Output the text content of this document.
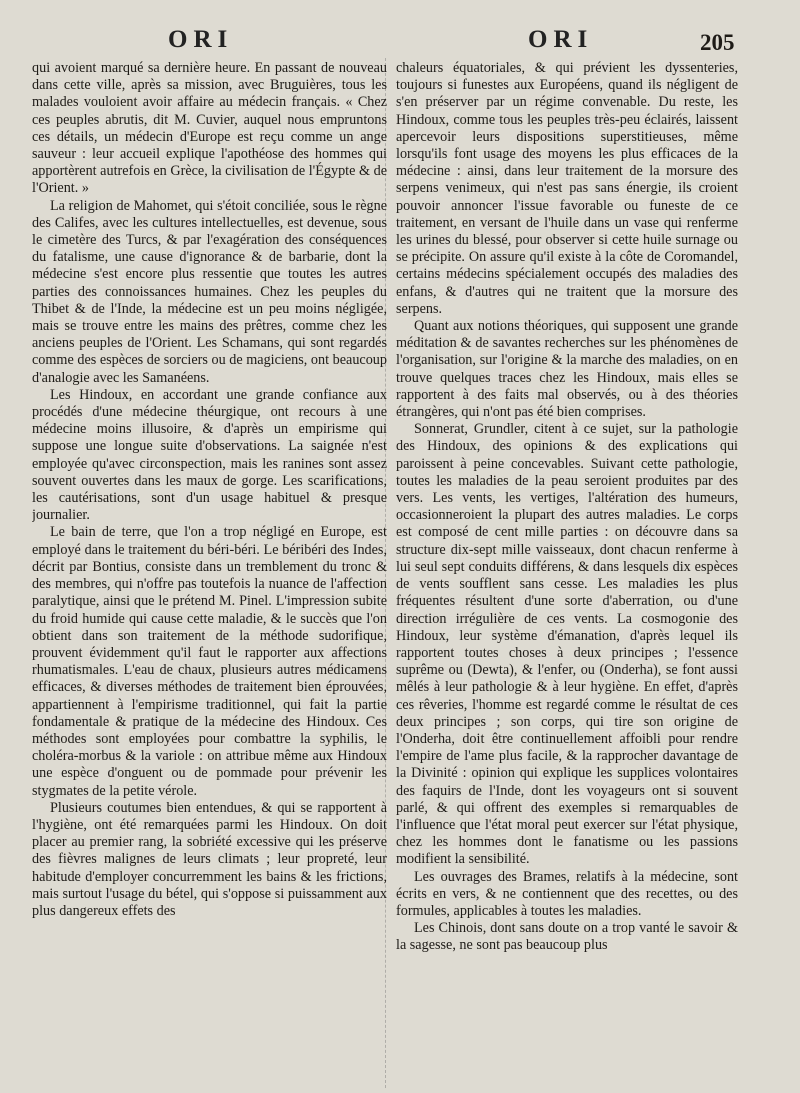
ORI	ORI	205

qui avoient marqué sa dernière heure. En passant de nouveau dans cette ville, après sa mission, avec Bruguières, tous les malades vouloient avoir affaire au médecin français. « Chez ces peuples abrutis, dit M. Cuvier, auquel nous empruntons ces détails, un médecin d'Europe est reçu comme un ange sauveur : leur accueil explique l'apothéose des hommes qui apportèrent autrefois en Grèce, la civilisation de l'Égypte & de l'Orient. »

La religion de Mahomet, qui s'étoit conciliée, sous le règne des Califes, avec les cultures intellectuelles, est devenue, sous le cimetère des Turcs, & par l'exagération des conséquences du fatalisme, une cause d'ignorance & de barbarie, dont la médecine s'est encore plus ressentie que toutes les autres parties des connoissances humaines. Chez les peuples du Thibet & de l'Inde, la médecine est un peu moins négligée, mais se trouve entre les mains des prêtres, comme chez les anciens peuples de l'Orient. Les Schamans, qui sont regardés comme des espèces de sorciers ou de magiciens, ont beaucoup d'analogie avec les Samanéens.

Les Hindoux, en accordant une grande confiance aux procédés d'une médecine théurgique, ont recours à une médecine moins illusoire, & d'après un empirisme qui suppose une longue suite d'observations. La saignée n'est employée qu'avec circonspection, mais les ranines sont assez souvent ouvertes dans les maux de gorge. Les scarifications, les cautérisations, sont d'un usage habituel & presque journalier.

Le bain de terre, que l'on a trop négligé en Europe, est employé dans le traitement du béri-béri. Le béribéri des Indes, décrit par Bontius, consiste dans un tremblement du tronc & des membres, qui n'offre pas toutefois la nuance de l'affection paralytique, ainsi que le prétend M. Pinel. L'impression subite du froid humide qui cause cette maladie, & le succès que l'on obtient dans son traitement de la méthode sudorifique, prouvent évidemment qu'il faut le rapporter aux affections rhumatismales. L'eau de chaux, plusieurs autres médicamens efficaces, & diverses méthodes de traitement bien éprouvées, appartiennent à l'empirisme traditionnel, qui fait la partie fondamentale & pratique de la médecine des Hindoux. Ces méthodes sont employées pour combattre la syphilis, le choléra-morbus & la variole : on attribue même aux Hindoux une espèce d'onguent ou de pommade pour prévenir les stygmates de la petite vérole.

Plusieurs coutumes bien entendues, & qui se rapportent à l'hygiène, ont été remarquées parmi les Hindoux. On doit placer au premier rang, la sobriété excessive qui les préserve des fièvres malignes de leurs climats ; leur propreté, leur habitude d'employer concurremment les bains & les frictions, mais surtout l'usage du bétel, qui s'oppose si puissamment aux plus dangereux effets des

chaleurs équatoriales, & qui prévient les dyssenteries, toujours si funestes aux Européens, quand ils négligent de s'en préserver par un régime convenable. Du reste, les Hindoux, comme tous les peuples très-peu éclairés, laissent apercevoir leurs dispositions superstitieuses, même lorsqu'ils font usage des moyens les plus efficaces de la médecine : ainsi, dans leur traitement de la morsure des serpens venimeux, qui n'est pas sans énergie, ils croient pouvoir annoncer l'issue favorable ou funeste de ce traitement, en versant de l'huile dans un vase qui renferme les urines du blessé, pour observer si cette huile surnage ou se précipite. On assure qu'il existe à la côte de Coromandel, certains médecins spécialement occupés des maladies des enfans, & d'autres qui ne traitent que la morsure des serpens.

Quant aux notions théoriques, qui supposent une grande méditation & de savantes recherches sur les phénomènes de l'organisation, sur l'origine & la marche des maladies, on en trouve quelques traces chez les Hindoux, mais elles se rapportent à des faits mal observés, ou à des théories étrangères, qui n'ont pas été bien comprises.

Sonnerat, Grundler, citent à ce sujet, sur la pathologie des Hindoux, des opinions & des explications qui paroissent à peine concevables. Suivant cette pathologie, toutes les maladies de la peau seroient produites par des vers. Les vents, les vertiges, l'altération des humeurs, occasionneroient la plupart des autres maladies. Le corps est composé de cent mille parties : on découvre dans sa structure dix-sept mille vaisseaux, dont chacun renferme à lui seul sept conduits différens, & dans lesquels dix espèces de vents soufflent sans cesse. Les maladies les plus fréquentes résultent d'une sorte d'aberration, ou d'une direction irrégulière de ces vents. La cosmogonie des Hindoux, leur système d'émanation, d'après lequel ils rapportent toutes choses à deux principes ; l'essence suprême ou (Dewta), & l'enfer, ou (Onderha), se font aussi mêlés à leur pathologie & à leur hygiène. En effet, d'après ces rêveries, l'homme est regardé comme le résultat de ces deux principes ; son corps, qui tire son origine de l'Onderha, doit être continuellement affoibli pour rendre l'empire de l'ame plus facile, & la rapprocher davantage de la Divinité : opinion qui explique les supplices volontaires des faquirs de l'Inde, dont les voyageurs ont si souvent parlé, & qui offrent des exemples si remarquables de l'influence que l'état moral peut exercer sur l'état physique, chez les hommes dont le fanatisme ou les passions modifient la sensibilité.

Les ouvrages des Brames, relatifs à la médecine, sont écrits en vers, & ne contiennent que des recettes, ou des formules, applicables à toutes les maladies.

Les Chinois, dont sans doute on a trop vanté le savoir & la sagesse, ne sont pas beaucoup plus
